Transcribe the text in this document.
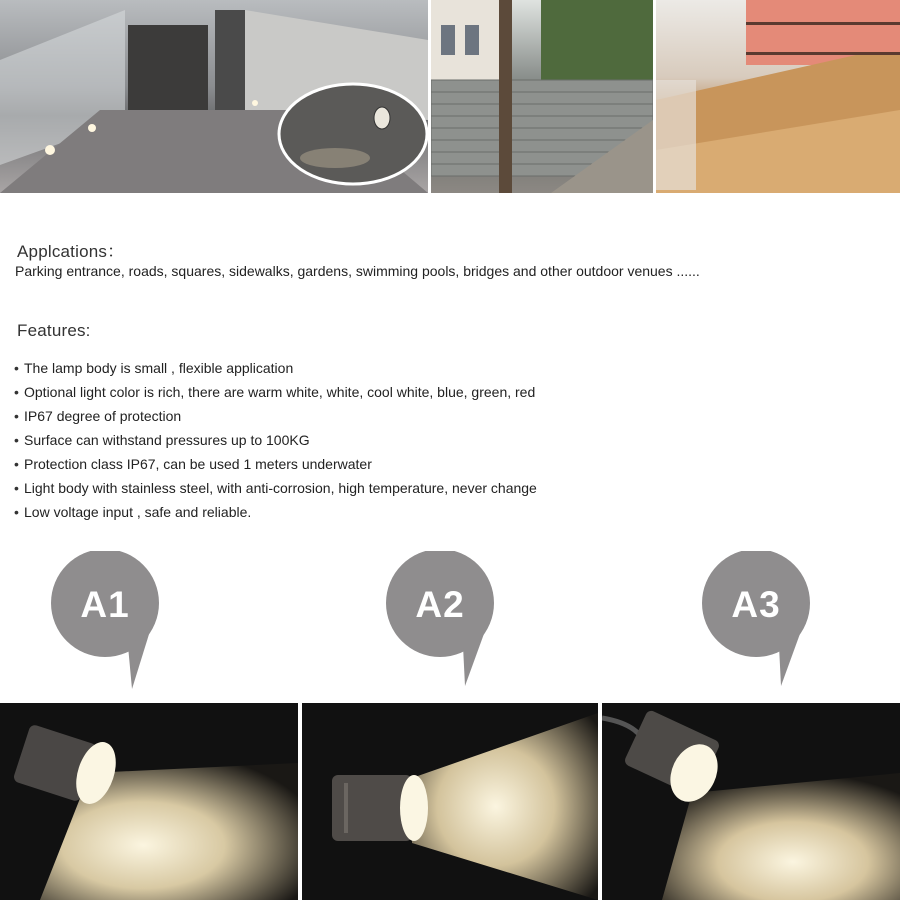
Applcations：
Parking entrance, roads, squares, sidewalks, gardens, swimming pools, bridges and other outdoor venues ......
Features:
• The lamp body is small , flexible application
• Optional light color is rich, there are warm white, white, cool white, blue, green, red
• IP67 degree of protection
• Surface can withstand pressures up to 100KG
• Protection class IP67, can be used 1 meters underwater
• Light body with stainless steel, with anti-corrosion, high temperature, never change
• Low voltage input , safe and reliable.
A1	A2	A3
